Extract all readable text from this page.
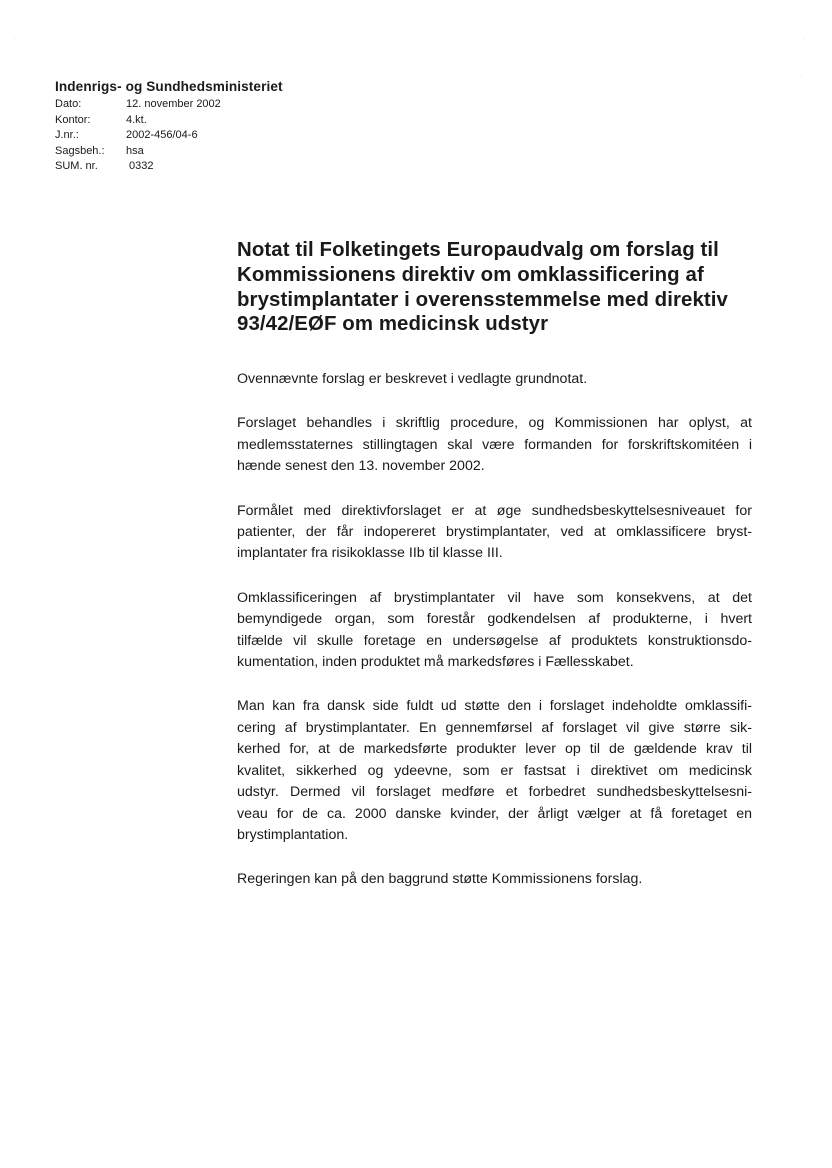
Indenrigs- og Sundhedsministeriet
Dato:	12. november 2002
Kontor:	4.kt.
J.nr.:	2002-456/04-6
Sagsbeh.:	hsa
SUM. nr.	0332
Notat til Folketingets Europaudvalg om forslag til
Kommissionens direktiv om omklassificering af
brystimplantater i overensstemmelse med direktiv
93/42/EØF om medicinsk udstyr

Ovennævnte forslag er beskrevet i vedlagte grundnotat.

Forslaget behandles i skriftlig procedure, og Kommissionen har oplyst, at
medlemsstaternes stillingtagen skal være formanden for forskriftskomitéen i
hænde senest den 13. november 2002.

Formålet med direktivforslaget er at øge sundhedsbeskyttelsesniveauet for
patienter, der får indopereret brystimplantater, ved at omklassificere bryst-
implantater fra risikoklasse IIb til klasse III.

Omklassificeringen af brystimplantater vil have som konsekvens, at det
bemyndigede organ, som forestår godkendelsen af produkterne, i hvert
tilfælde vil skulle foretage en undersøgelse af produktets konstruktionsdo-
kumentation, inden produktet må markedsføres i Fællesskabet.

Man kan fra dansk side fuldt ud støtte den i forslaget indeholdte omklassifi-
cering af brystimplantater. En gennemførsel af forslaget vil give større sik-
kerhed for, at de markedsførte produkter lever op til de gældende krav til
kvalitet, sikkerhed og ydeevne, som er fastsat i direktivet om medicinsk
udstyr. Dermed vil forslaget medføre et forbedret sundhedsbeskyttelsesni-
veau for de ca. 2000 danske kvinder, der årligt vælger at få foretaget en
brystimplantation.

Regeringen kan på den baggrund støtte Kommissionens forslag.

·
·
·
·
